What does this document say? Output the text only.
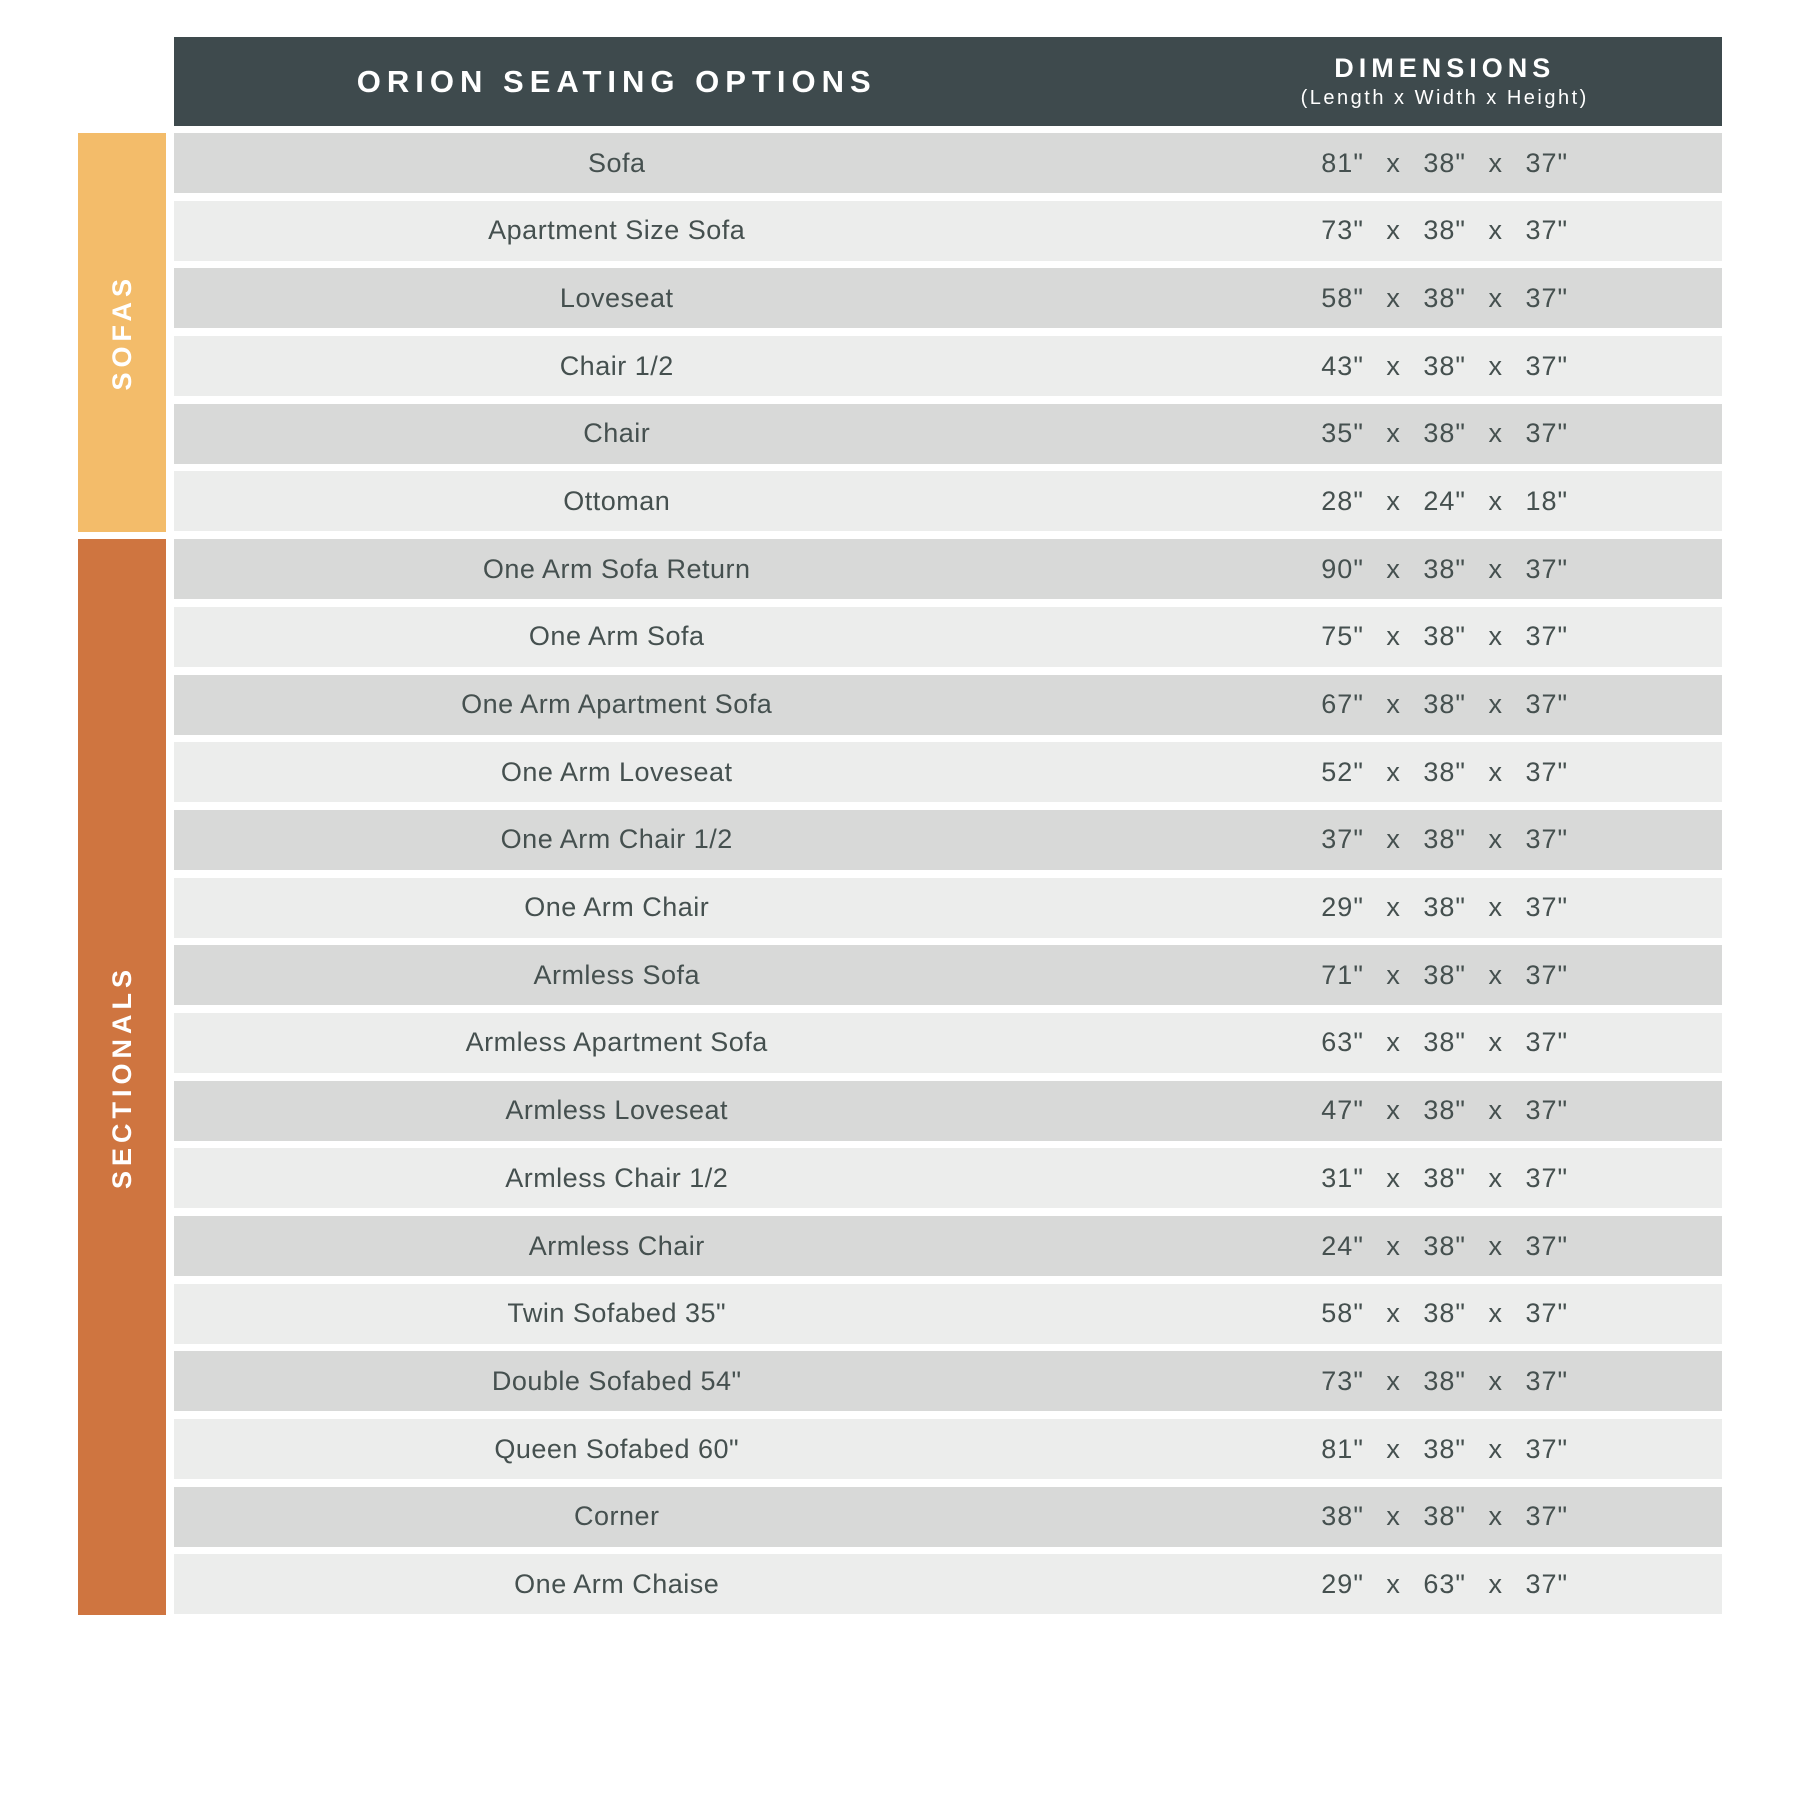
SOFAS
SECTIONALS
ORION SEATING OPTIONS	DIMENSIONS
(Length x Width x Height)
Sofa	81" x 38" x 37"
Apartment Size Sofa	73" x 38" x 37"
Loveseat	58" x 38" x 37"
Chair 1/2	43" x 38" x 37"
Chair	35" x 38" x 37"
Ottoman	28" x 24" x 18"
One Arm Sofa Return	90" x 38" x 37"
One Arm Sofa	75" x 38" x 37"
One Arm Apartment Sofa	67" x 38" x 37"
One Arm Loveseat	52" x 38" x 37"
One Arm Chair 1/2	37" x 38" x 37"
One Arm Chair	29" x 38" x 37"
Armless Sofa	71" x 38" x 37"
Armless Apartment Sofa	63" x 38" x 37"
Armless Loveseat	47" x 38" x 37"
Armless Chair 1/2	31" x 38" x 37"
Armless Chair	24" x 38" x 37"
Twin Sofabed 35"	58" x 38" x 37"
Double Sofabed 54"	73" x 38" x 37"
Queen Sofabed 60"	81" x 38" x 37"
Corner	38" x 38" x 37"
One Arm Chaise	29" x 63" x 37"
